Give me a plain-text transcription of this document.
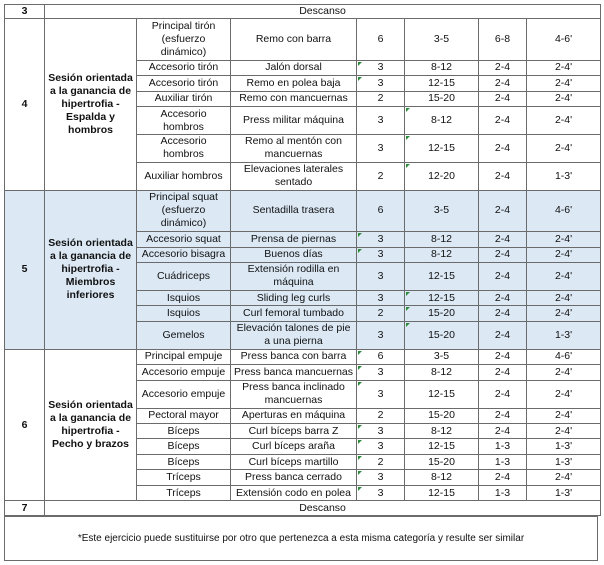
3	Descanso						
4	Sesión orientada a la ganancia de hipertrofia - Espalda y hombros	Principal tirón (esfuerzo dinámico)	Remo con barra	6	3-5	6-8	4-6'
		Accesorio tirón	Jalón dorsal	3	8-12	2-4	2-4'
		Accesorio tirón	Remo en polea baja	3	12-15	2-4	2-4'
		Auxiliar tirón	Remo con mancuernas	2	15-20	2-4	2-4'
		Accesorio hombros	Press militar máquina	3	8-12	2-4	2-4'
		Accesorio hombros	Remo al mentón con mancuernas	3	12-15	2-4	2-4'
		Auxiliar hombros	Elevaciones laterales sentado	2	12-20	2-4	1-3'
5	Sesión orientada a la ganancia de hipertrofia - Miembros inferiores	Principal squat (esfuerzo dinámico)	Sentadilla trasera	6	3-5	2-4	4-6'
		Accesorio squat	Prensa de piernas	3	8-12	2-4	2-4'
		Accesorio bisagra	Buenos días	3	8-12	2-4	2-4'
		Cuádriceps	Extensión rodilla en máquina	3	12-15	2-4	2-4'
		Isquios	Sliding leg curls	3	12-15	2-4	2-4'
		Isquios	Curl femoral tumbado	2	15-20	2-4	2-4'
		Gemelos	Elevación talones de pie a una pierna	3	15-20	2-4	1-3'
6	Sesión orientada a la ganancia de hipertrofia - Pecho y brazos	Principal empuje	Press banca con barra	6	3-5	2-4	4-6'
		Accesorio empuje	Press banca mancuernas	3	8-12	2-4	2-4'
		Accesorio empuje	Press banca inclinado mancuernas	3	12-15	2-4	2-4'
		Pectoral mayor	Aperturas en máquina	2	15-20	2-4	2-4'
		Bíceps	Curl bíceps barra Z	3	8-12	2-4	2-4'
		Bíceps	Curl bíceps araña	3	12-15	1-3	1-3'
		Bíceps	Curl bíceps martillo	2	15-20	1-3	1-3'
		Tríceps	Press banca cerrado	3	8-12	2-4	2-4'
		Tríceps	Extensión codo en polea	3	12-15	1-3	1-3'
7	Descanso						
*Este ejercicio puede sustituirse por otro que pertenezca a esta misma categoría y resulte ser similar
